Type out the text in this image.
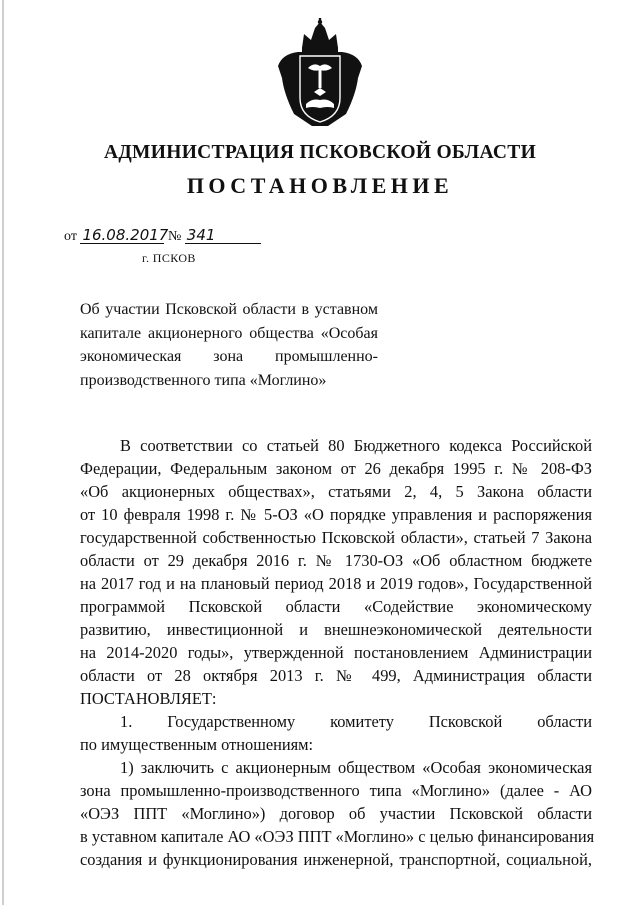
АДМИНИСТРАЦИЯ ПСКОВСКОЙ ОБЛАСТИ
ПОСТАНОВЛЕНИЕ
от 16.08.2017 № 341
г. ПСКОВ
Об участии Псковской области в уставном
капитале акционерного общества «Особая
экономическая зона промышленно-
производственного типа «Моглино»
В соответствии со статьей 80 Бюджетного кодекса Российской
Федерации, Федеральным законом от 26 декабря 1995 г. № 208-ФЗ
«Об акционерных обществах», статьями 2, 4, 5 Закона области
от 10 февраля 1998 г. № 5-ОЗ «О порядке управления и распоряжения
государственной собственностью Псковской области», статьей 7 Закона
области от 29 декабря 2016 г. № 1730-ОЗ «Об областном бюджете
на 2017 год и на плановый период 2018 и 2019 годов», Государственной
программой Псковской области «Содействие экономическому
развитию, инвестиционной и внешнеэкономической деятельности
на 2014-2020 годы», утвержденной постановлением Администрации
области от 28 октября 2013 г. № 499, Администрация области
ПОСТАНОВЛЯЕТ:
1. Государственному комитету Псковской области
по имущественным отношениям:
1) заключить с акционерным обществом «Особая экономическая
зона промышленно-производственного типа «Моглино» (далее - АО
«ОЭЗ ППТ «Моглино») договор об участии Псковской области
в уставном капитале АО «ОЭЗ ППТ «Моглино» с целью финансирования
создания и функционирования инженерной, транспортной, социальной,
